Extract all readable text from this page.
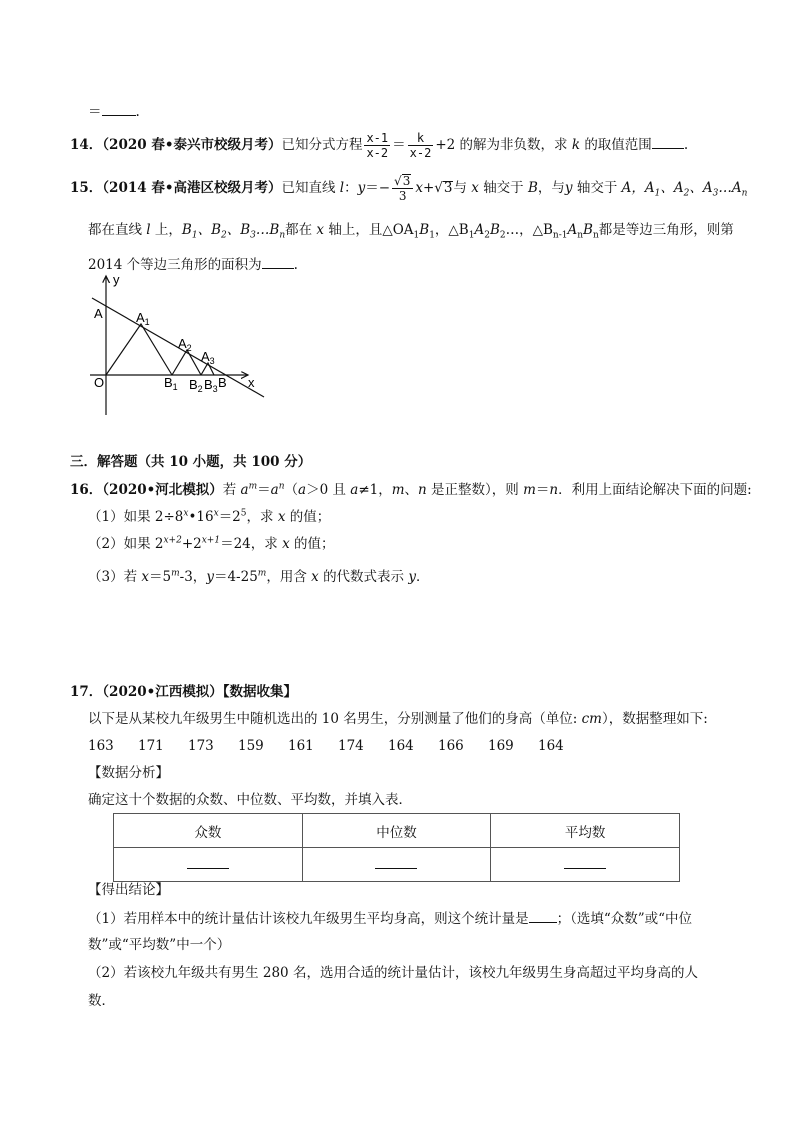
＝	.
14．（2020 春•泰兴市校级月考）已知分式方程 $\frac{x-1}{x-2} = \frac{k}{x-2} +2$ 的解为非负数，求 k 的取值范围 .
15．（2014 春•高港区校级月考）已知直线 l：$y=- \frac{√3}{3} x+√3$与 x 轴交于 B，与y 轴交于 A，$A_1$、$A_2$、$A_3\dots A_n$
都在直线 l 上，$B_1$、$B_2$、$B_3\dots B_n$都在 x 轴上，且$\triangle OA_1B_1$，$\triangle B_1A_2B_2\dots$，$\triangle B_{n-1}A_nB_n$都是等边三角形，则第
2014 个等边三角形的面积为 .
y
A	$A_1$
$A_2$
$A_3$
O	$B_1$ $B_2$ $B_3$ B x
三．解答题（共 10 小题，共 100 分）
16．（2020•河北模拟）若 $a^m=a^n(a>0$ 且 a≠1，m、n 是正整数），则 m＝n．利用上面结论解决下面的问题:
（1）如果 $2\div 8^x•16^x=2^5$，求 x 的值；
（2）如果 $2^{x+2}+2^{x+1}=24$，求 x 的值；
（3）若 $x=5^m-3$，$y=4-25^m$，用含 x 的代数式表示 y．
17．（2020•江西模拟）【数据收集】
以下是从某校九年级男生中随机选出的 10 名男生，分别测量了他们的身高（单位: cm），数据整理如下:
163 171 173 159 161 174 164 166 169 164
【数据分析】
确定这十个数据的众数、中位数、平均数，并填入表．
众数	中位数	平均数

【得出结论】
（1）若用样本中的统计量估计该校九年级男生平均身高，则这个统计量是 ；（选填“众数”或“中位
数”或“平均数”中一个）
（2）若该校九年级共有男生 280 名，选用合适的统计量估计，该校九年级男生身高超过平均身高的人
数．
